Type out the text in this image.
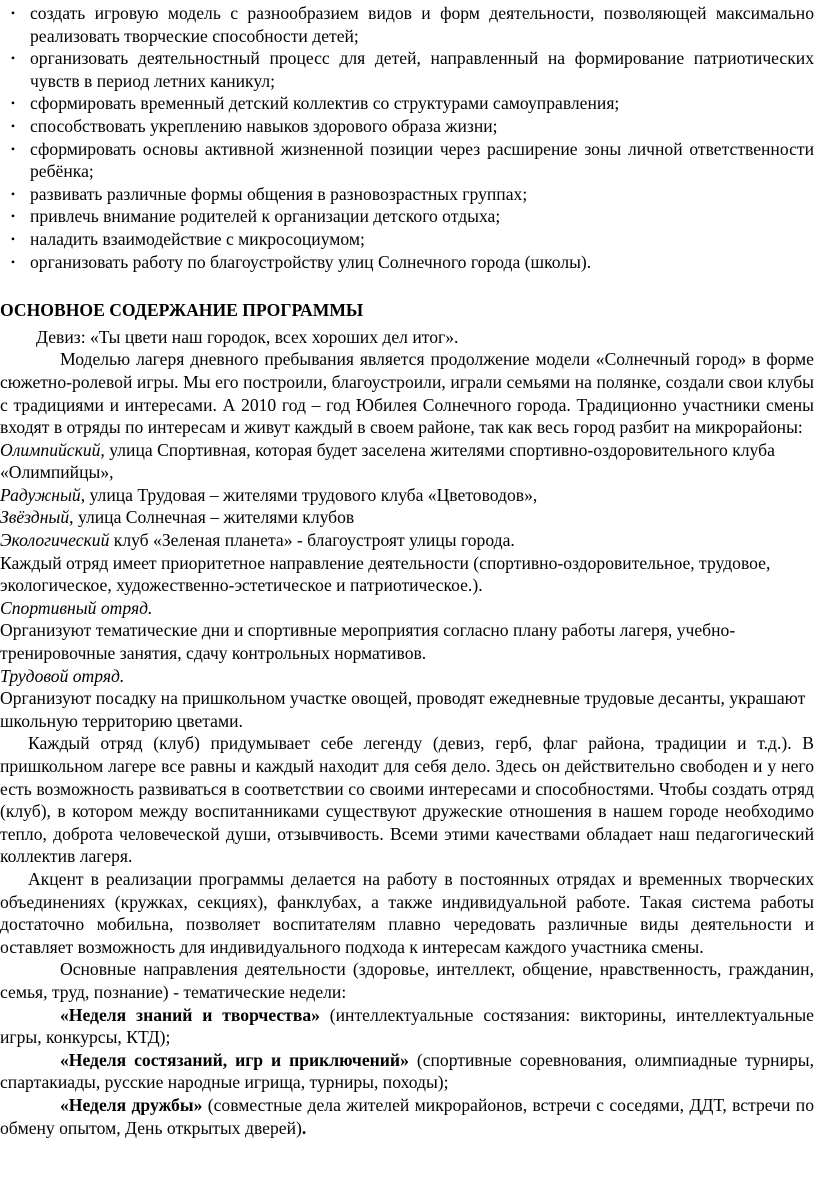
• создать игровую модель с разнообразием видов и форм деятельности, позволяющей максимально реализовать творческие способности детей;
• организовать деятельностный процесс для детей, направленный на формирование патриотических чувств в период летних каникул;
• сформировать временный детский коллектив со структурами самоуправления;
• способствовать укреплению навыков здорового образа жизни;
• сформировать основы активной жизненной позиции через расширение зоны личной ответственности ребёнка;
• развивать различные формы общения в разновозрастных группах;
• привлечь внимание родителей к организации детского отдыха;
• наладить взаимодействие с микросоциумом;
• организовать работу по благоустройству улиц Солнечного города (школы).
ОСНОВНОЕ СОДЕРЖАНИЕ ПРОГРАММЫ

Девиз: «Ты цвети наш городок, всех хороших дел итог».

Моделью лагеря дневного пребывания является продолжение модели «Солнечный город» в форме сюжетно-ролевой игры. Мы его построили, благоустроили, играли семьями на полянке, создали свои клубы с традициями и интересами. А 2010 год – год Юбилея Солнечного города. Традиционно участники смены входят в отряды по интересам и живут каждый в своем районе, так как весь город разбит на микрорайоны:

Олимпийский, улица Спортивная, которая будет заселена жителями спортивно-оздоровительного клуба «Олимпийцы»,

Радужный, улица Трудовая – жителями трудового клуба «Цветоводов»,

Звёздный, улица Солнечная – жителями клубов

Экологический клуб «Зеленая планета» - благоустроят улицы города.

Каждый отряд имеет приоритетное направление деятельности (спортивно-оздоровительное, трудовое, экологическое, художественно-эстетическое и патриотическое.).

Спортивный отряд.

Организуют тематические дни и спортивные мероприятия согласно плану работы лагеря, учебно-тренировочные занятия, сдачу контрольных нормативов.

Трудовой отряд.

Организуют посадку на пришкольном участке овощей, проводят ежедневные трудовые десанты, украшают школьную территорию цветами.

Каждый отряд (клуб) придумывает себе легенду (девиз, герб, флаг района, традиции и т.д.). В пришкольном лагере все равны и каждый находит для себя дело. Здесь он действительно свободен и у него есть возможность развиваться в соответствии со своими интересами и способностями. Чтобы создать отряд (клуб), в котором между воспитанниками существуют дружеские отношения в нашем городе необходимо тепло, доброта человеческой души, отзывчивость. Всеми этими качествами обладает наш педагогический коллектив лагеря.

Акцент в реализации программы делается на работу в постоянных отрядах и временных творческих объединениях (кружках, секциях), фанклубах, а также индивидуальной работе. Такая система работы достаточно мобильна, позволяет воспитателям плавно чередовать различные виды деятельности и оставляет возможность для индивидуального подхода к интересам каждого участника смены.

Основные направления деятельности (здоровье, интеллект, общение, нравственность, гражданин, семья, труд, познание) - тематические недели:

«Неделя знаний и творчества» (интеллектуальные состязания: викторины, интеллектуальные игры, конкурсы, КТД);

«Неделя состязаний, игр и приключений» (спортивные соревнования, олимпиадные турниры, спартакиады, русские народные игрища, турниры, походы);

«Неделя дружбы» (совместные дела жителей микрорайонов, встречи с соседями, ДДТ, встречи по обмену опытом, День открытых дверей).
